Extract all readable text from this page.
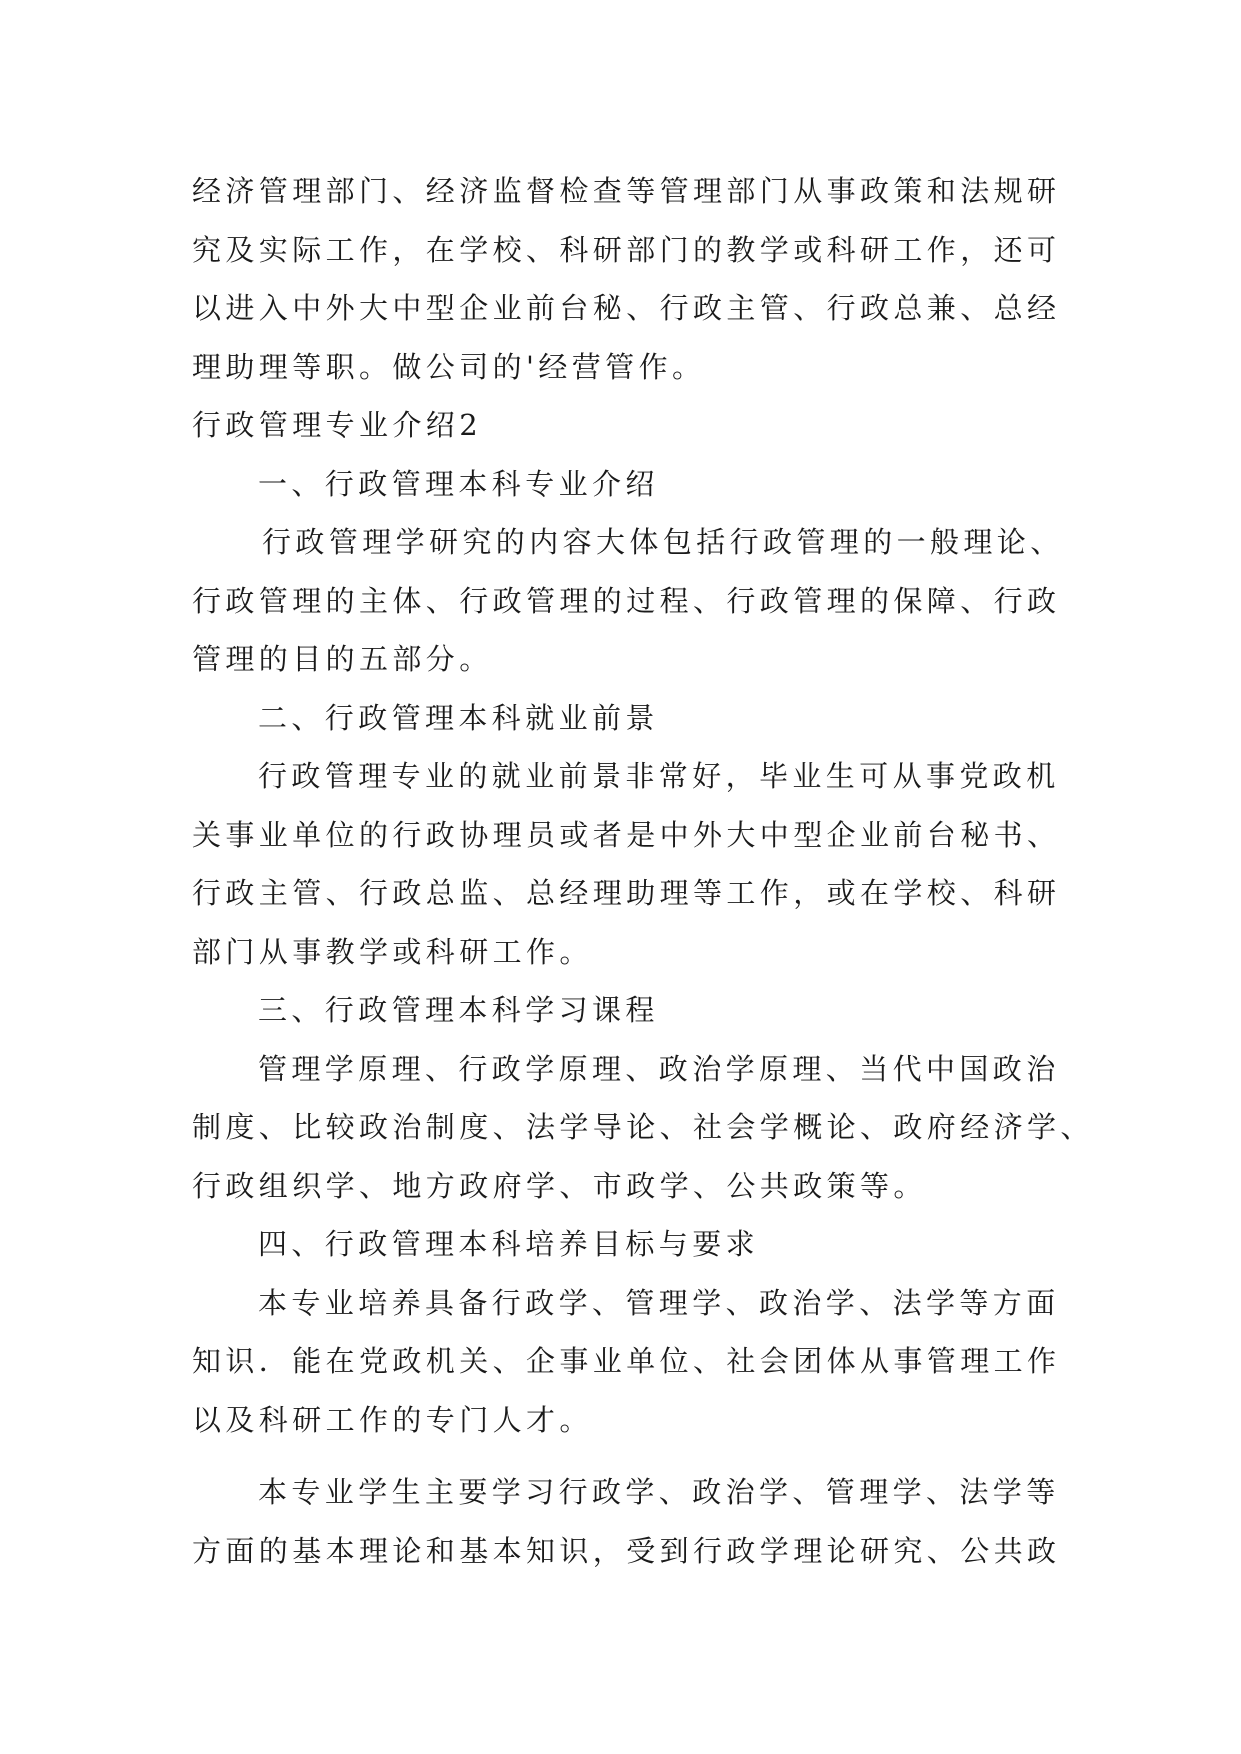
经济管理部门、经济监督检查等管理部门从事政策和法规研
究及实际工作，在学校、科研部门的教学或科研工作，还可
以进入中外大中型企业前台秘、行政主管、行政总兼、总经
理助理等职。做公司的'经营管作。
行政管理专业介绍2
一、行政管理本科专业介绍
行政管理学研究的内容大体包括行政管理的一般理论、
行政管理的主体、行政管理的过程、行政管理的保障、行政
管理的目的五部分。
二、行政管理本科就业前景
行政管理专业的就业前景非常好，毕业生可从事党政机
关事业单位的行政协理员或者是中外大中型企业前台秘书、
行政主管、行政总监、总经理助理等工作，或在学校、科研
部门从事教学或科研工作。
三、行政管理本科学习课程
管理学原理、行政学原理、政治学原理、当代中国政治
制度、比较政治制度、法学导论、社会学概论、政府经济学、
行政组织学、地方政府学、市政学、公共政策等。
四、行政管理本科培养目标与要求
本专业培养具备行政学、管理学、政治学、法学等方面
知识．能在党政机关、企事业单位、社会团体从事管理工作
以及科研工作的专门人才。
本专业学生主要学习行政学、政治学、管理学、法学等
方面的基本理论和基本知识，受到行政学理论研究、公共政
